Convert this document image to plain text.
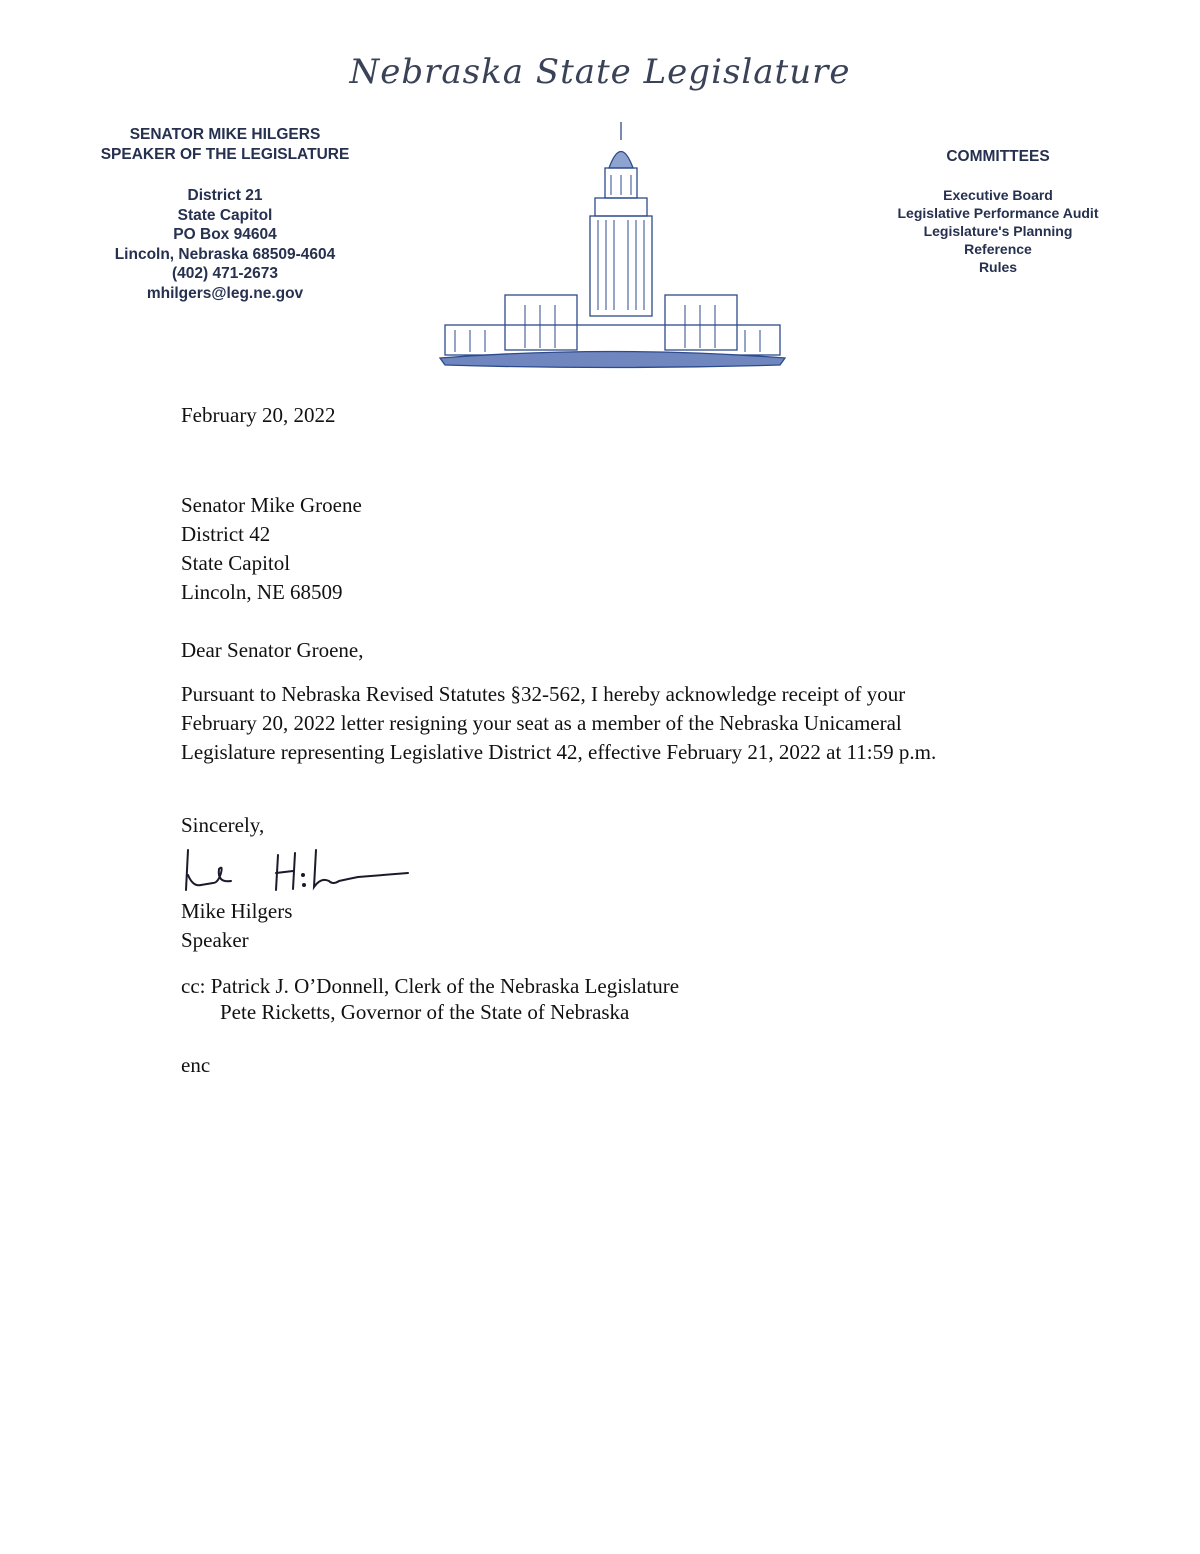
Nebraska State Legislature
SENATOR MIKE HILGERS
SPEAKER OF THE LEGISLATURE
District 21
State Capitol
PO Box 94604
Lincoln, Nebraska 68509-4604
(402) 471-2673
mhilgers@leg.ne.gov
COMMITTEES
Executive Board
Legislative Performance Audit
Legislature's Planning
Reference
Rules
February 20, 2022
Senator Mike Groene
District 42
State Capitol
Lincoln, NE 68509
Dear Senator Groene,
Pursuant to Nebraska Revised Statutes §32-562, I hereby acknowledge receipt of your
February 20, 2022 letter resigning your seat as a member of the Nebraska Unicameral
Legislature representing Legislative District 42, effective February 21, 2022 at 11:59 p.m.
Sincerely,
Mike Hilgers
Speaker
cc: Patrick J. O’Donnell, Clerk of the Nebraska Legislature
Pete Ricketts, Governor of the State of Nebraska
enc
